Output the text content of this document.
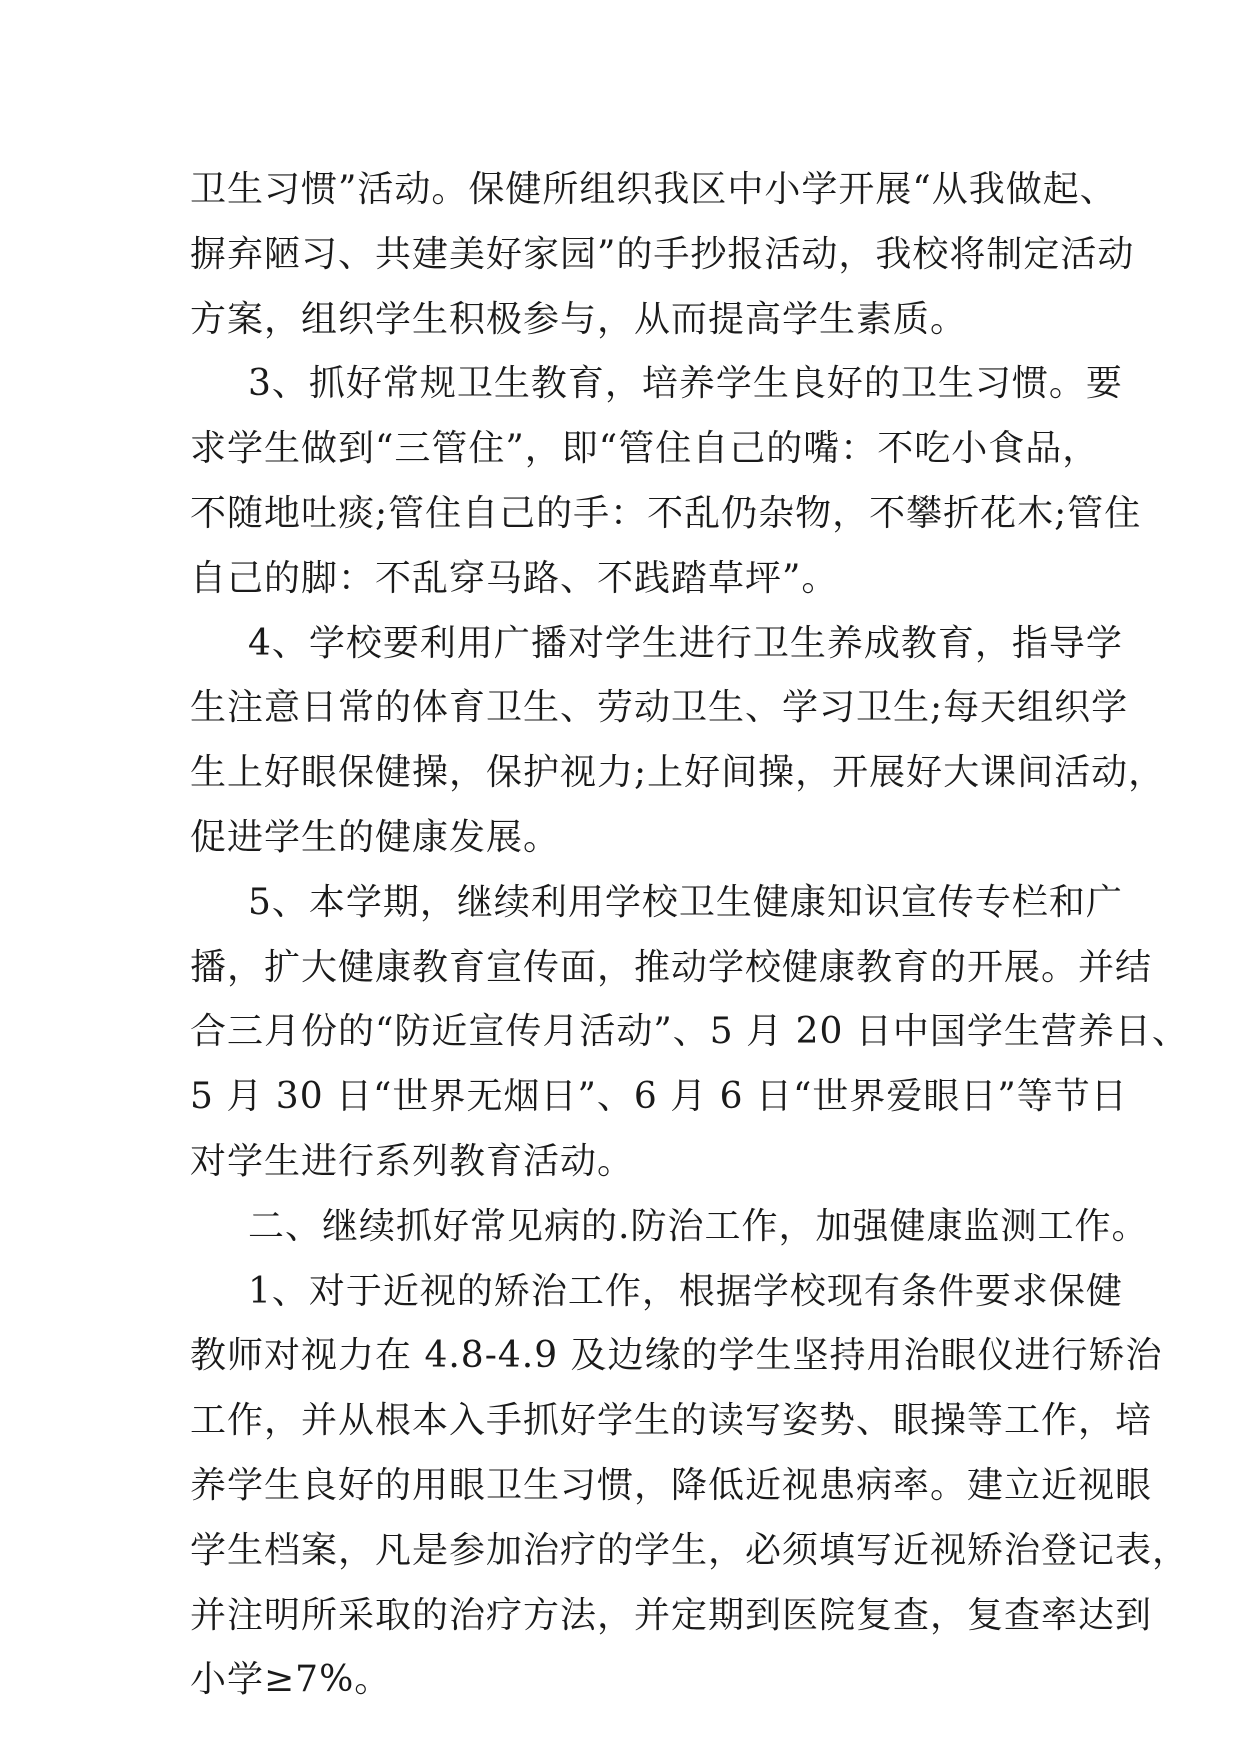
卫生习惯”活动。保健所组织我区中小学开展“从我做起、
摒弃陋习、共建美好家园”的手抄报活动，我校将制定活动
方案，组织学生积极参与，从而提高学生素质。
3、抓好常规卫生教育，培养学生良好的卫生习惯。要
求学生做到“三管住”，即“管住自己的嘴：不吃小食品，
不随地吐痰;管住自己的手：不乱仍杂物，不攀折花木;管住
自己的脚：不乱穿马路、不践踏草坪”。
4、学校要利用广播对学生进行卫生养成教育，指导学
生注意日常的体育卫生、劳动卫生、学习卫生;每天组织学
生上好眼保健操，保护视力;上好间操，开展好大课间活动，
促进学生的健康发展。
5、本学期，继续利用学校卫生健康知识宣传专栏和广
播，扩大健康教育宣传面，推动学校健康教育的开展。并结
合三月份的“防近宣传月活动”、5 月 20 日中国学生营养日、
5 月 30 日“世界无烟日”、6 月 6 日“世界爱眼日”等节日
对学生进行系列教育活动。
二、继续抓好常见病的.防治工作，加强健康监测工作。
1、对于近视的矫治工作，根据学校现有条件要求保健
教师对视力在 4.8-4.9 及边缘的学生坚持用治眼仪进行矫治
工作，并从根本入手抓好学生的读写姿势、眼操等工作，培
养学生良好的用眼卫生习惯，降低近视患病率。建立近视眼
学生档案，凡是参加治疗的学生，必须填写近视矫治登记表，
并注明所采取的治疗方法，并定期到医院复查，复查率达到
小学≥7%。
